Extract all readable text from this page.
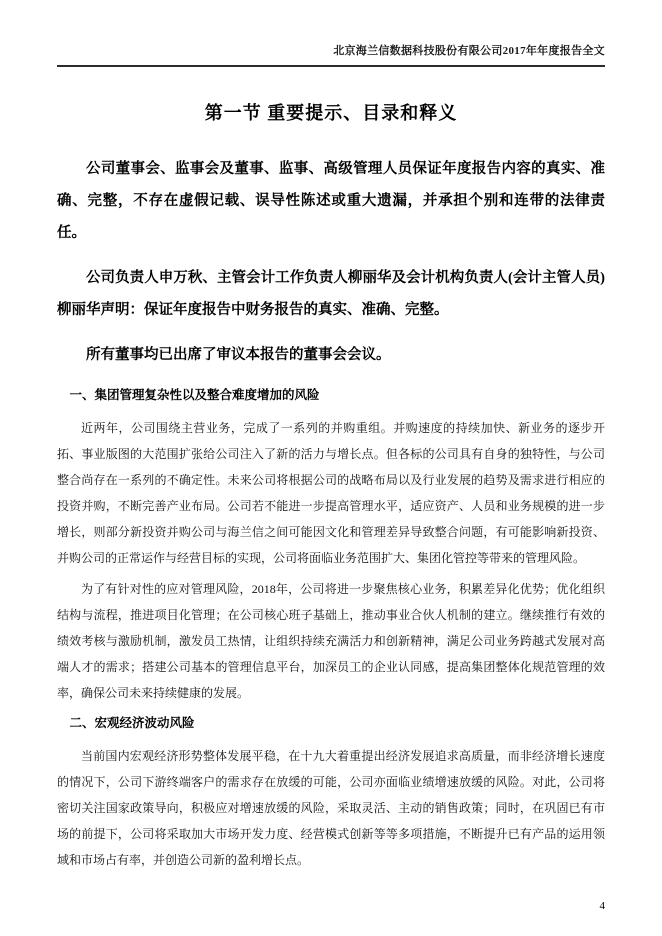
北京海兰信数据科技股份有限公司2017年年度报告全文
第一节 重要提示、目录和释义

公司董事会、监事会及董事、监事、高级管理人员保证年度报告内容的真实、准确、完整，不存在虚假记载、误导性陈述或重大遗漏，并承担个别和连带的法律责任。

公司负责人申万秋、主管会计工作负责人柳丽华及会计机构负责人(会计主管人员)柳丽华声明：保证年度报告中财务报告的真实、准确、完整。

所有董事均已出席了审议本报告的董事会会议。

一、集团管理复杂性以及整合难度增加的风险

近两年，公司围绕主营业务，完成了一系列的并购重组。并购速度的持续加快、新业务的逐步开拓、事业版图的大范围扩张给公司注入了新的活力与增长点。但各标的公司具有自身的独特性，与公司整合尚存在一系列的不确定性。未来公司将根据公司的战略布局以及行业发展的趋势及需求进行相应的投资并购，不断完善产业布局。公司若不能进一步提高管理水平，适应资产、人员和业务规模的进一步增长，则部分新投资并购公司与海兰信之间可能因文化和管理差异导致整合问题，有可能影响新投资、并购公司的正常运作与经营目标的实现，公司将面临业务范围扩大、集团化管控等带来的管理风险。

为了有针对性的应对管理风险，2018年，公司将进一步聚焦核心业务，积累差异化优势；优化组织结构与流程，推进项目化管理；在公司核心班子基础上，推动事业合伙人机制的建立。继续推行有效的绩效考核与激励机制，激发员工热情，让组织持续充满活力和创新精神，满足公司业务跨越式发展对高端人才的需求；搭建公司基本的管理信息平台，加深员工的企业认同感，提高集团整体化规范管理的效率，确保公司未来持续健康的发展。

二、宏观经济波动风险

当前国内宏观经济形势整体发展平稳，在十九大着重提出经济发展追求高质量，而非经济增长速度的情况下，公司下游终端客户的需求存在放缓的可能，公司亦面临业绩增速放缓的风险。对此，公司将密切关注国家政策导向，积极应对增速放缓的风险，采取灵活、主动的销售政策；同时，在巩固已有市场的前提下，公司将采取加大市场开发力度、经营模式创新等等多项措施，不断提升已有产品的运用领域和市场占有率，并创造公司新的盈利增长点。

4
